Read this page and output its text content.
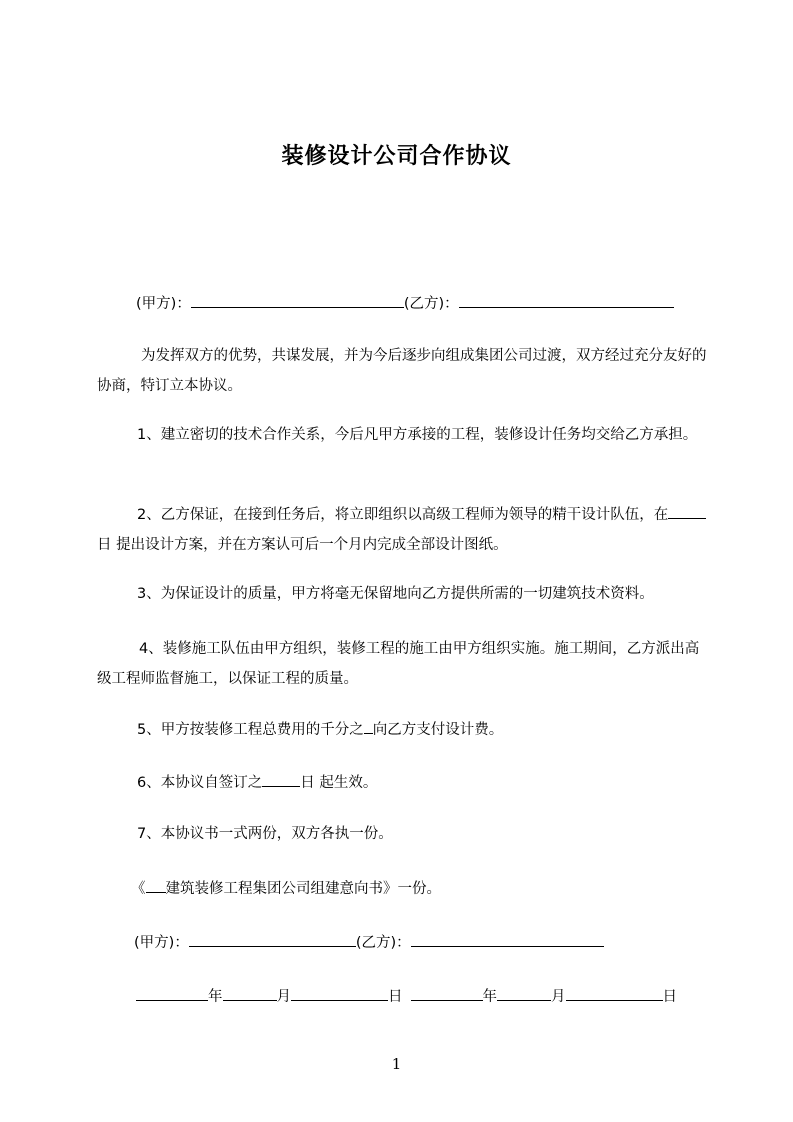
装修设计公司合作协议
(甲方)：	(乙方)：
为发挥双方的优势，共谋发展，并为今后逐步向组成集团公司过渡，双方经过充分友好的协商，特订立本协议。
1、建立密切的技术合作关系，今后凡甲方承接的工程，装修设计任务均交给乙方承担。
2、乙方保证，在接到任务后，将立即组织以高级工程师为领导的精干设计队伍，在日 提出设计方案，并在方案认可后一个月内完成全部设计图纸。
3、为保证设计的质量，甲方将毫无保留地向乙方提供所需的一切建筑技术资料。
4、装修施工队伍由甲方组织，装修工程的施工由甲方组织实施。施工期间，乙方派出高级工程师监督施工，以保证工程的质量。
5、甲方按装修工程总费用的千分之 向乙方支付设计费。
6、本协议自签订之	日 起生效。
7、本协议书一式两份，双方各执一份。
《 建筑装修工程集团公司组建意向书》一份。
(甲方)：	(乙方)：
年	月	日	年	月	日
1
